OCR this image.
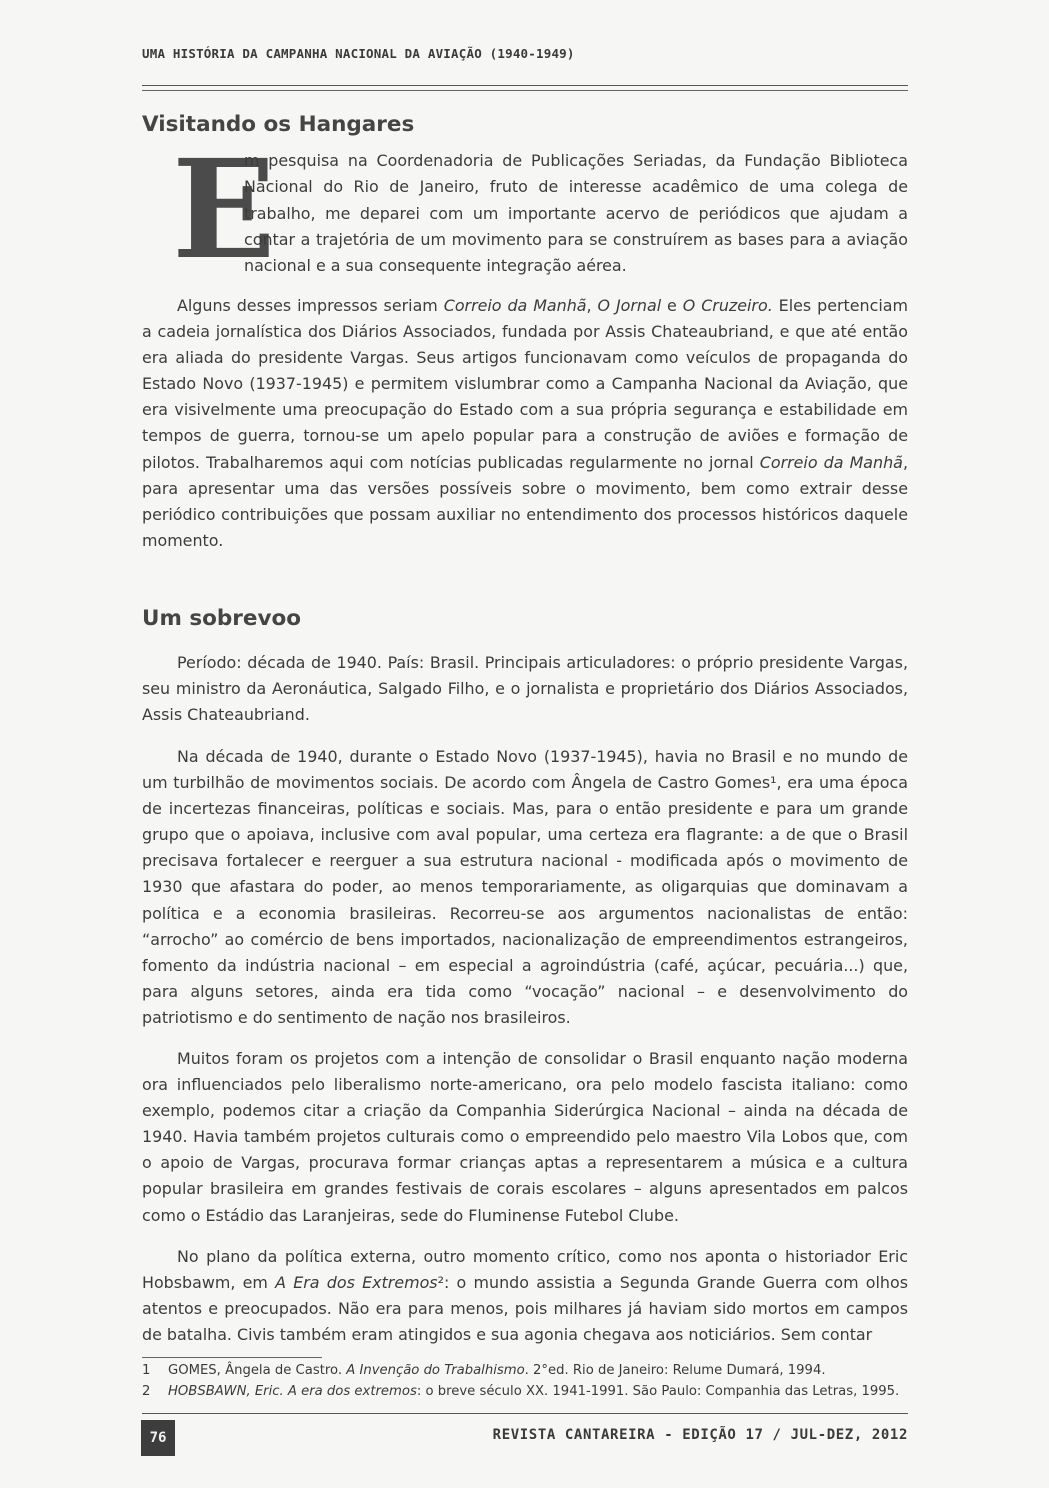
UMA HISTÓRIA DA CAMPANHA NACIONAL DA AVIAÇÃO (1940-1949)
Visitando os Hangares
E

m pesquisa na Coordenadoria de Publicações Seriadas, da Fundação Biblioteca Nacional do Rio de Janeiro, fruto de interesse acadêmico de uma colega de trabalho, me deparei com um importante acervo de periódicos que ajudam a contar a trajetória de um movimento para se construírem as bases para a aviação nacional e a sua consequente integração aérea.

Alguns desses impressos seriam Correio da Manhã, O Jornal e O Cruzeiro. Eles pertenciam a cadeia jornalística dos Diários Associados, fundada por Assis Chateaubriand, e que até então era aliada do presidente Vargas. Seus artigos funcionavam como veículos de propaganda do Estado Novo (1937-1945) e permitem vislumbrar como a Campanha Nacional da Aviação, que era visivelmente uma preocupação do Estado com a sua própria segurança e estabilidade em tempos de guerra, tornou-se um apelo popular para a construção de aviões e formação de pilotos. Trabalharemos aqui com notícias publicadas regularmente no jornal Correio da Manhã, para apresentar uma das versões possíveis sobre o movimento, bem como extrair desse periódico contribuições que possam auxiliar no entendimento dos processos históricos daquele momento.

Um sobrevoo

Período: década de 1940. País: Brasil. Principais articuladores: o próprio presidente Vargas, seu ministro da Aeronáutica, Salgado Filho, e o jornalista e proprietário dos Diários Associados, Assis Chateaubriand.

Na década de 1940, durante o Estado Novo (1937-1945), havia no Brasil e no mundo de um turbilhão de movimentos sociais. De acordo com Ângela de Castro Gomes¹, era uma época de incertezas financeiras, políticas e sociais. Mas, para o então presidente e para um grande grupo que o apoiava, inclusive com aval popular, uma certeza era flagrante: a de que o Brasil precisava fortalecer e reerguer a sua estrutura nacional - modificada após o movimento de 1930 que afastara do poder, ao menos temporariamente, as oligarquias que dominavam a política e a economia brasileiras. Recorreu-se aos argumentos nacionalistas de então: “arrocho” ao comércio de bens importados, nacionalização de empreendimentos estrangeiros, fomento da indústria nacional – em especial a agroindústria (café, açúcar, pecuária...) que, para alguns setores, ainda era tida como “vocação” nacional – e desenvolvimento do patriotismo e do sentimento de nação nos brasileiros.

Muitos foram os projetos com a intenção de consolidar o Brasil enquanto nação moderna ora influenciados pelo liberalismo norte-americano, ora pelo modelo fascista italiano: como exemplo, podemos citar a criação da Companhia Siderúrgica Nacional – ainda na década de 1940. Havia também projetos culturais como o empreendido pelo maestro Vila Lobos que, com o apoio de Vargas, procurava formar crianças aptas a representarem a música e a cultura popular brasileira em grandes festivais de corais escolares – alguns apresentados em palcos como o Estádio das Laranjeiras, sede do Fluminense Futebol Clube.

No plano da política externa, outro momento crítico, como nos aponta o historiador Eric Hobsbawm, em A Era dos Extremos²: o mundo assistia a Segunda Grande Guerra com olhos atentos e preocupados. Não era para menos, pois milhares já haviam sido mortos em campos de batalha. Civis também eram atingidos e sua agonia chegava aos noticiários. Sem contar

1 GOMES, Ângela de Castro. A Invenção do Trabalhismo. 2°ed. Rio de Janeiro: Relume Dumará, 1994.
2 HOBSBAWN, Eric. A era dos extremos: o breve século XX. 1941-1991. São Paulo: Companhia das Letras, 1995.
76	REVISTA CANTAREIRA - EDIÇÃO 17 / JUL-DEZ, 2012
